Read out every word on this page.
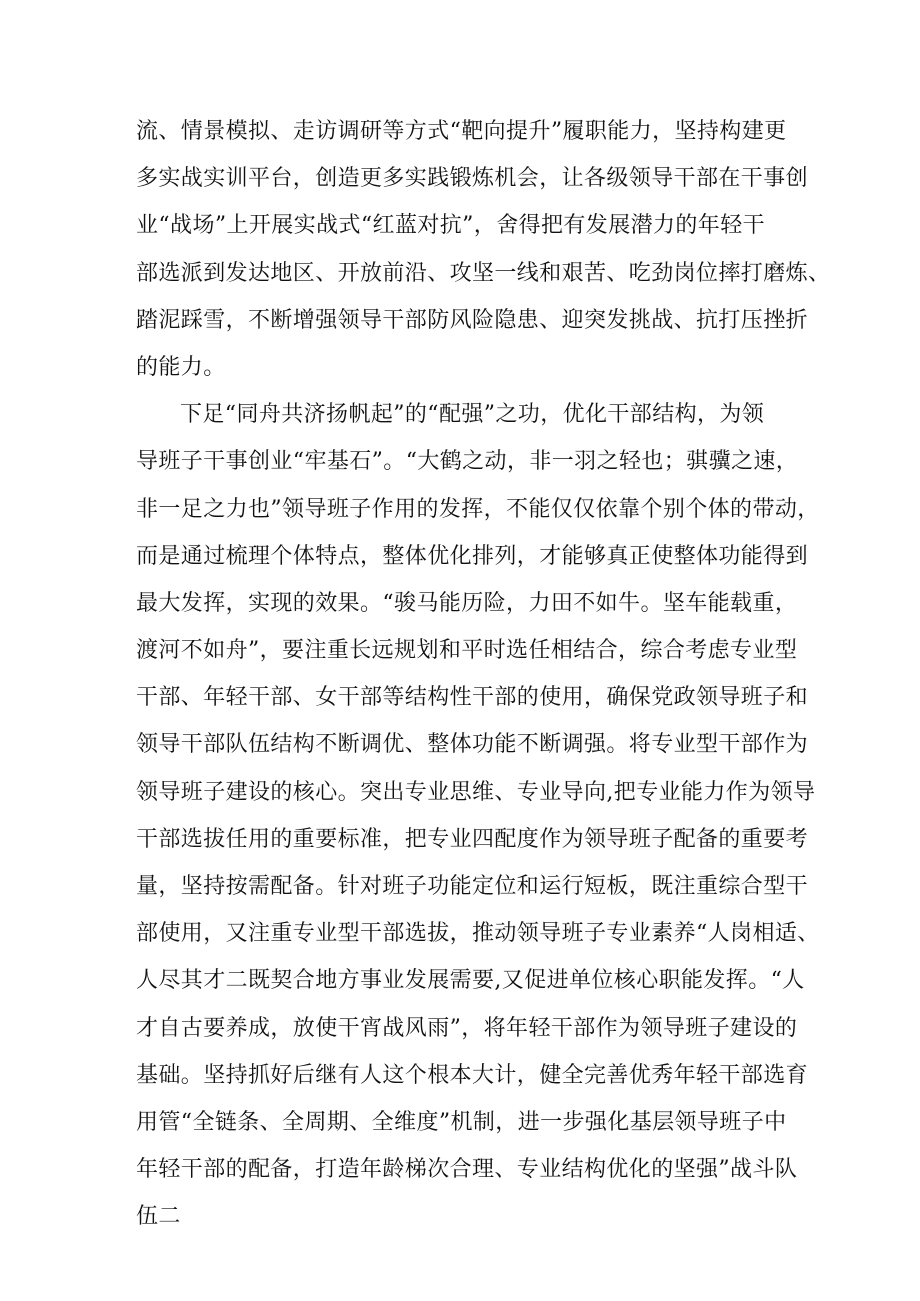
流、情景模拟、走访调研等方式“靶向提升”履职能力，坚持构建更
多实战实训平台，创造更多实践锻炼机会，让各级领导干部在干事创
业“战场”上开展实战式“红蓝对抗”，舍得把有发展潜力的年轻干
部选派到发达地区、开放前沿、攻坚一线和艰苦、吃劲岗位摔打磨炼、
踏泥踩雪，不断增强领导干部防风险隐患、迎突发挑战、抗打压挫折
的能力。
下足“同舟共济扬帆起”的“配强”之功，优化干部结构，为领
导班子干事创业“牢基石”。“大鹤之动，非一羽之轻也；骐骥之速，
非一足之力也”领导班子作用的发挥，不能仅仅依靠个别个体的带动，
而是通过梳理个体特点，整体优化排列，才能够真正使整体功能得到
最大发挥，实现的效果。“骏马能历险，力田不如牛。坚车能载重，
渡河不如舟”，要注重长远规划和平时选任相结合，综合考虑专业型
干部、年轻干部、女干部等结构性干部的使用，确保党政领导班子和
领导干部队伍结构不断调优、整体功能不断调强。将专业型干部作为
领导班子建设的核心。突出专业思维、专业导向,把专业能力作为领导
干部选拔任用的重要标准，把专业四配度作为领导班子配备的重要考
量，坚持按需配备。针对班子功能定位和运行短板，既注重综合型干
部使用，又注重专业型干部选拔，推动领导班子专业素养“人岗相适、
人尽其才二既契合地方事业发展需要,又促进单位核心职能发挥。“人
才自古要养成，放使干宵战风雨”，将年轻干部作为领导班子建设的
基础。坚持抓好后继有人这个根本大计，健全完善优秀年轻干部选育
用管“全链条、全周期、全维度”机制，进一步强化基层领导班子中
年轻干部的配备，打造年龄梯次合理、专业结构优化的坚强”战斗队
伍二
